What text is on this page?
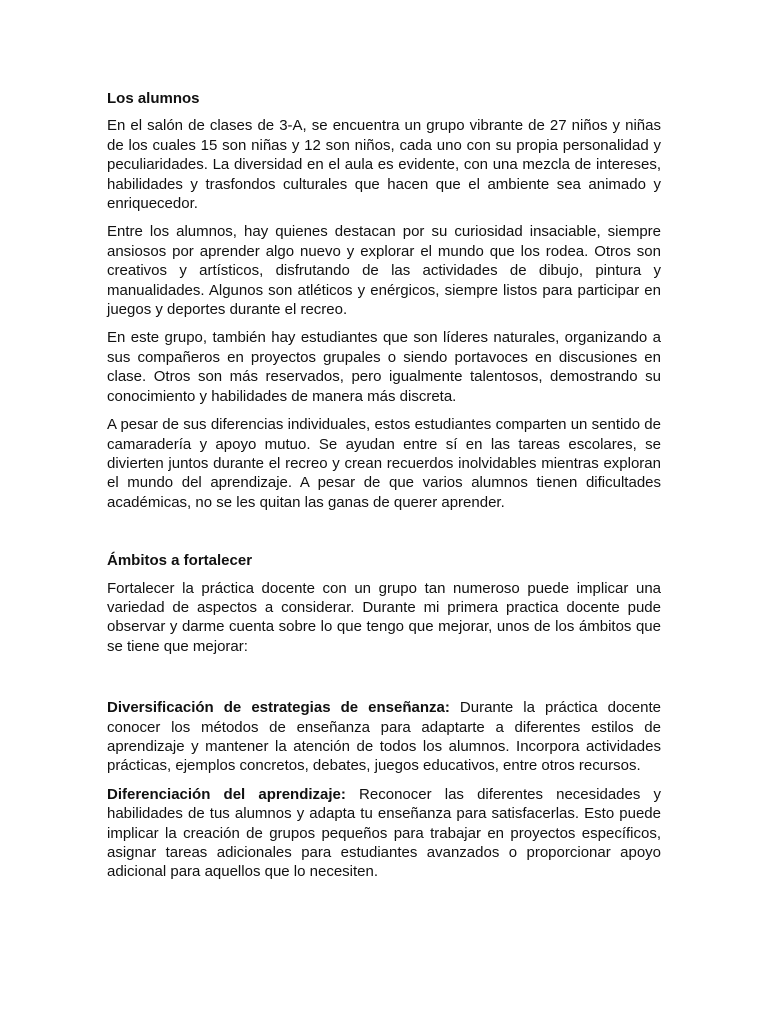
Los alumnos

En el salón de clases de 3-A, se encuentra un grupo vibrante de 27 niños y niñas de los cuales 15 son niñas y 12 son niños, cada uno con su propia personalidad y peculiaridades. La diversidad en el aula es evidente, con una mezcla de intereses, habilidades y trasfondos culturales que hacen que el ambiente sea animado y enriquecedor.

Entre los alumnos, hay quienes destacan por su curiosidad insaciable, siempre ansiosos por aprender algo nuevo y explorar el mundo que los rodea. Otros son creativos y artísticos, disfrutando de las actividades de dibujo, pintura y manualidades. Algunos son atléticos y enérgicos, siempre listos para participar en juegos y deportes durante el recreo.

En este grupo, también hay estudiantes que son líderes naturales, organizando a sus compañeros en proyectos grupales o siendo portavoces en discusiones en clase. Otros son más reservados, pero igualmente talentosos, demostrando su conocimiento y habilidades de manera más discreta.

A pesar de sus diferencias individuales, estos estudiantes comparten un sentido de camaradería y apoyo mutuo. Se ayudan entre sí en las tareas escolares, se divierten juntos durante el recreo y crean recuerdos inolvidables mientras exploran el mundo del aprendizaje. A pesar de que varios alumnos tienen dificultades académicas, no se les quitan las ganas de querer aprender.

Ámbitos a fortalecer

Fortalecer la práctica docente con un grupo tan numeroso puede implicar una variedad de aspectos a considerar. Durante mi primera practica docente pude observar y darme cuenta sobre lo que tengo que mejorar, unos de los ámbitos que se tiene que mejorar:

Diversificación de estrategias de enseñanza: Durante la práctica docente conocer los métodos de enseñanza para adaptarte a diferentes estilos de aprendizaje y mantener la atención de todos los alumnos. Incorpora actividades prácticas, ejemplos concretos, debates, juegos educativos, entre otros recursos.

Diferenciación del aprendizaje: Reconocer las diferentes necesidades y habilidades de tus alumnos y adapta tu enseñanza para satisfacerlas. Esto puede implicar la creación de grupos pequeños para trabajar en proyectos específicos, asignar tareas adicionales para estudiantes avanzados o proporcionar apoyo adicional para aquellos que lo necesiten.
